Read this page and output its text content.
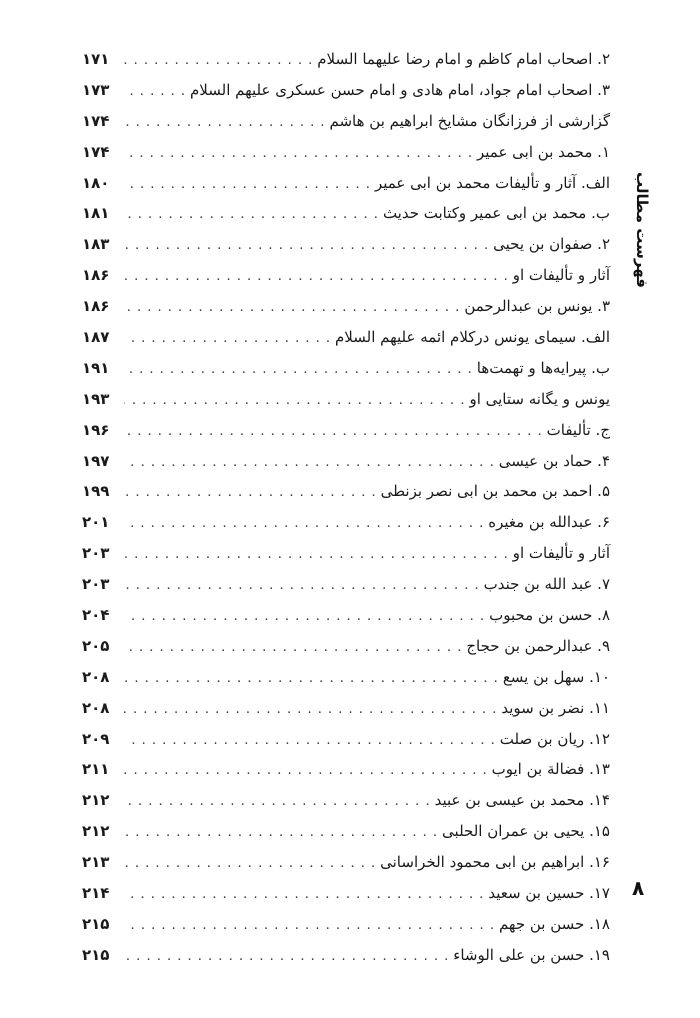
فهرست مطالب
۸
۲. اصحاب امام کاظم و امام رضا علیهما السلام
. . .
۱۷۱
۳. اصحاب امام جواد، امام هادی و امام حسن عسکری علیهم السلام
. . .
۱۷۳
گزارشی از فرزانگان مشایخ ابراهیم بن هاشم
. . .
۱۷۴
۱. محمد بن ابی عمیر
. . .
۱۷۴
الف. آثار و تألیفات محمد بن ابی عمیر
. . .
۱۸۰
ب. محمد بن ابی عمیر وکتابت حدیث
. . .
۱۸۱
۲. صفوان بن یحیی
. . .
۱۸۳
آثار و تألیفات او
. . .
۱۸۶
۳. یونس بن عبدالرحمن
. . .
۱۸۶
الف. سیمای یونس درکلام ائمه علیهم السلام
. . .
۱۸۷
ب. پیرایه‌ها و تهمت‌ها
. . .
۱۹۱
یونس و یگانه ستایی او
. . .
۱۹۳
ج. تألیفات
. . .
۱۹۶
۴. حماد بن عیسی
. . .
۱۹۷
۵. احمد بن محمد بن ابی نصر بزنطی
. . .
۱۹۹
۶. عبدالله بن مغیره
. . .
۲۰۱
آثار و تألیفات او
. . .
۲۰۳
۷. عبد الله بن جندب
. . .
۲۰۳
۸. حسن بن محبوب
. . .
۲۰۴
۹. عبدالرحمن بن حجاج
. . .
۲۰۵
۱۰. سهل بن یسع
. . .
۲۰۸
۱۱. نضر بن سوید
. . .
۲۰۸
۱۲. ریان بن صلت
. . .
۲۰۹
۱۳. فضالة بن ایوب
. . .
۲۱۱
۱۴. محمد بن عیسی بن عبید
. . .
۲۱۲
۱۵. یحیی بن عمران الحلبی
. . .
۲۱۲
۱۶. ابراهیم بن ابی محمود الخراسانی
. . .
۲۱۳
۱۷. حسین بن سعید
. . .
۲۱۴
۱۸. حسن بن جهم
. . .
۲۱۵
۱۹. حسن بن علی الوشاء
. . .
۲۱۵
